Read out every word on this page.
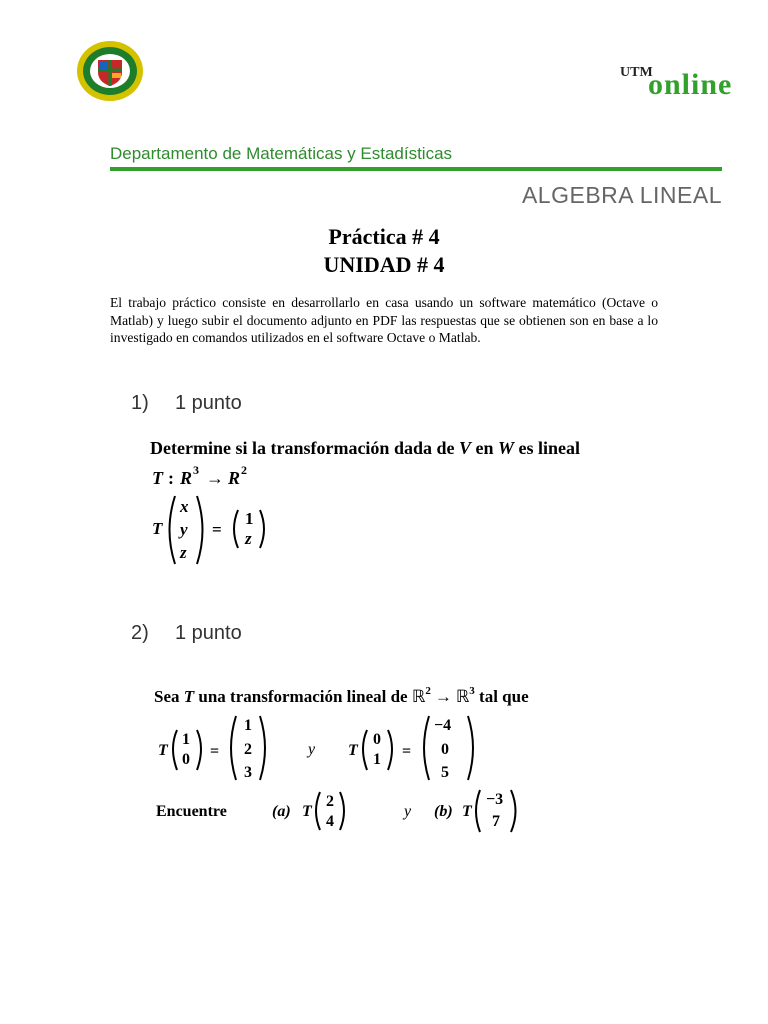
UTM
online
Departamento de Matemáticas y Estadísticas
ALGEBRA LINEAL
Práctica # 4
UNIDAD # 4
El trabajo práctico consiste en desarrollarlo en casa usando un software matemático (Octave o Matlab) y luego subir el documento adjunto en PDF las respuestas que se obtienen son en base a lo investigado en comandos utilizados en el software Octave o Matlab.
1) 1 punto
Determine si la transformación dada de V en W es lineal
T : R 3 → R 2
T
x
y
z
=
1
z
2) 1 punto
Sea T una transformación lineal de ℝ$^2$ → ℝ$^3$ tal que
T
1
0 =
1
2
3
y T
0
1 =
−4
0
5
Encuentre	(a) T
2
4
y (b) T
−3
7
